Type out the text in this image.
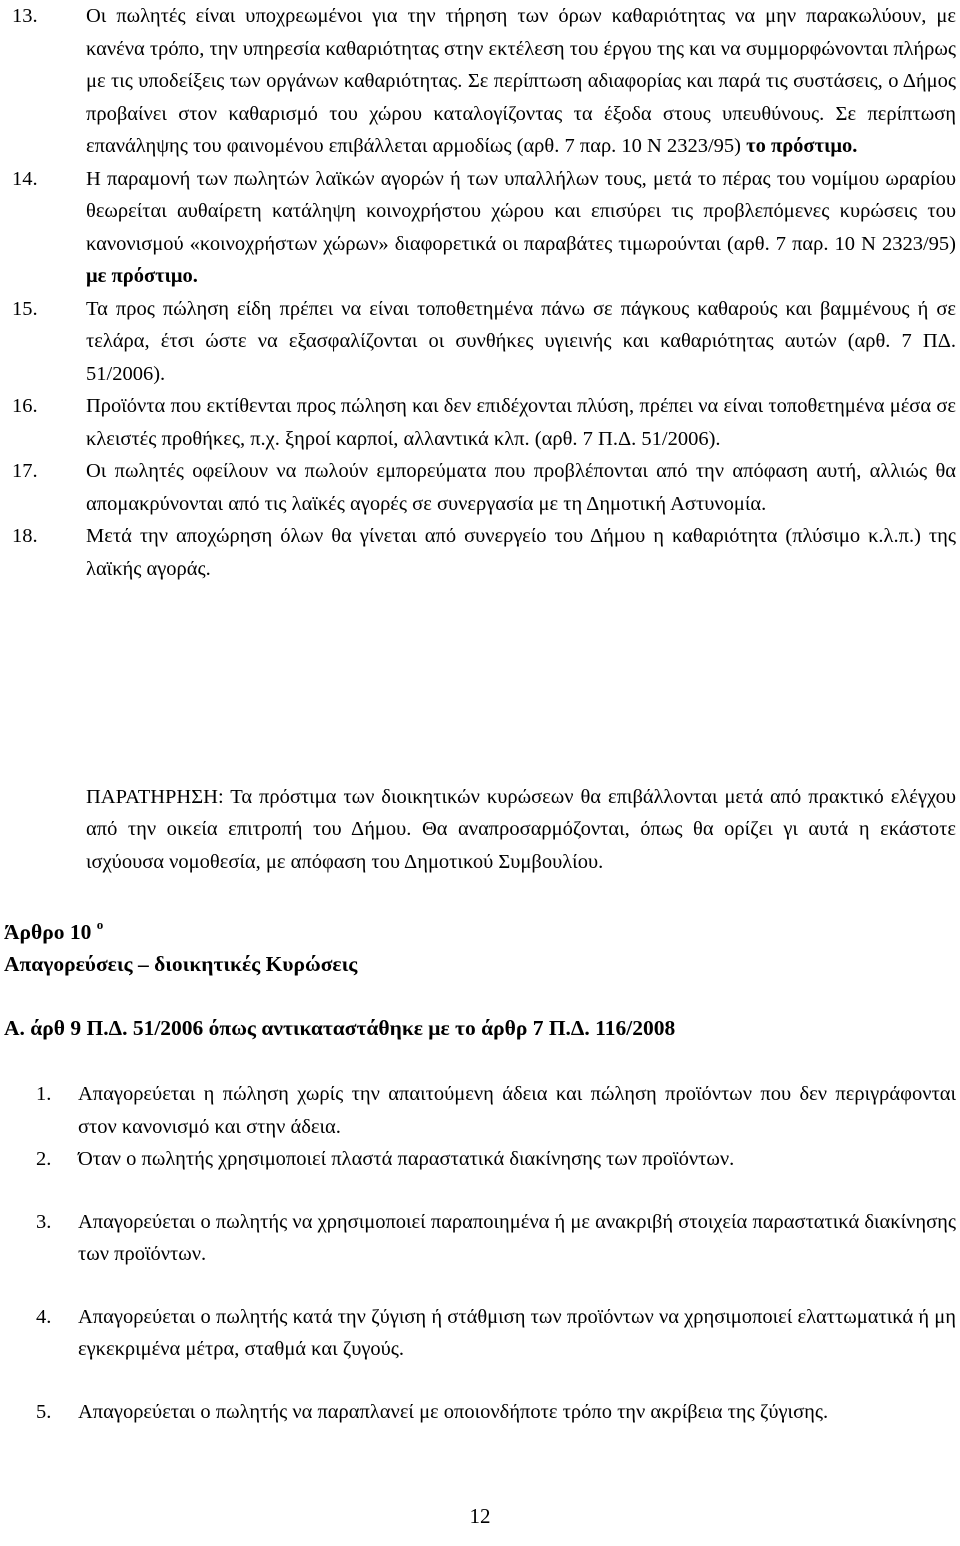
13.	Οι πωλητές είναι υποχρεωμένοι για την τήρηση των όρων καθαριότητας να μην παρακωλύουν, με κανένα τρόπο, την υπηρεσία καθαριότητας στην εκτέλεση του έργου της και να συμμορφώνονται πλήρως με τις υποδείξεις των οργάνων καθαριότητας. Σε περίπτωση αδιαφορίας και παρά τις συστάσεις, ο Δήμος προβαίνει στον καθαρισμό του χώρου καταλογίζοντας τα έξοδα στους υπευθύνους. Σε περίπτωση επανάληψης του φαινομένου επιβάλλεται αρμοδίως (αρθ. 7 παρ. 10 Ν 2323/95) το πρόστιμο.
14.	Η παραμονή των πωλητών λαϊκών αγορών ή των υπαλλήλων τους, μετά το πέρας του νομίμου ωραρίου θεωρείται αυθαίρετη κατάληψη κοινοχρήστου χώρου και επισύρει τις προβλεπόμενες κυρώσεις του κανονισμού «κοινοχρήστων χώρων» διαφορετικά οι παραβάτες τιμωρούνται (αρθ. 7 παρ. 10 Ν 2323/95) με πρόστιμο.
15.	Τα προς πώληση είδη πρέπει να είναι τοποθετημένα πάνω σε πάγκους καθαρούς και βαμμένους ή σε τελάρα, έτσι ώστε να εξασφαλίζονται οι συνθήκες υγιεινής και καθαριότητας αυτών (αρθ. 7 ΠΔ. 51/2006).
16.	Προϊόντα που εκτίθενται προς πώληση και δεν επιδέχονται πλύση, πρέπει να είναι τοποθετημένα μέσα σε κλειστές προθήκες, π.χ. ξηροί καρποί, αλλαντικά κλπ. (αρθ. 7 Π.Δ. 51/2006).
17.	Οι πωλητές οφείλουν να πωλούν εμπορεύματα που προβλέπονται από την απόφαση αυτή, αλλιώς θα απομακρύνονται από τις λαϊκές αγορές σε συνεργασία με τη Δημοτική Αστυνομία.
18.	Μετά την αποχώρηση όλων θα γίνεται από συνεργείο του Δήμου η καθαριότητα (πλύσιμο κ.λ.π.) της λαϊκής αγοράς.

ΠΑΡΑΤΗΡΗΣΗ: Τα πρόστιμα των διοικητικών κυρώσεων θα επιβάλλονται μετά από πρακτικό ελέγχου από την οικεία επιτροπή του Δήμου. Θα αναπροσαρμόζονται, όπως θα ορίζει γι αυτά η εκάστοτε ισχύουσα νομοθεσία, με απόφαση του Δημοτικού Συμβουλίου.

Άρθρο 10 $^o$
Απαγορεύσεις – διοικητικές Κυρώσεις
Α. άρθ 9 Π.Δ. 51/2006 όπως αντικαταστάθηκε με το άρθρ 7 Π.Δ. 116/2008
1.	Απαγορεύεται η πώληση χωρίς την απαιτούμενη άδεια και πώληση προϊόντων που δεν περιγράφονται στον κανονισμό και στην άδεια.
2.	Όταν ο πωλητής χρησιμοποιεί πλαστά παραστατικά διακίνησης των προϊόντων.
3.	Απαγορεύεται ο πωλητής να χρησιμοποιεί παραποιημένα ή με ανακριβή στοιχεία παραστατικά διακίνησης των προϊόντων.
4.	Απαγορεύεται ο πωλητής κατά την ζύγιση ή στάθμιση των προϊόντων να χρησιμοποιεί ελαττωματικά ή μη εγκεκριμένα μέτρα, σταθμά και ζυγούς.
5.	Απαγορεύεται ο πωλητής να παραπλανεί με οποιονδήποτε τρόπο την ακρίβεια της ζύγισης.
12
